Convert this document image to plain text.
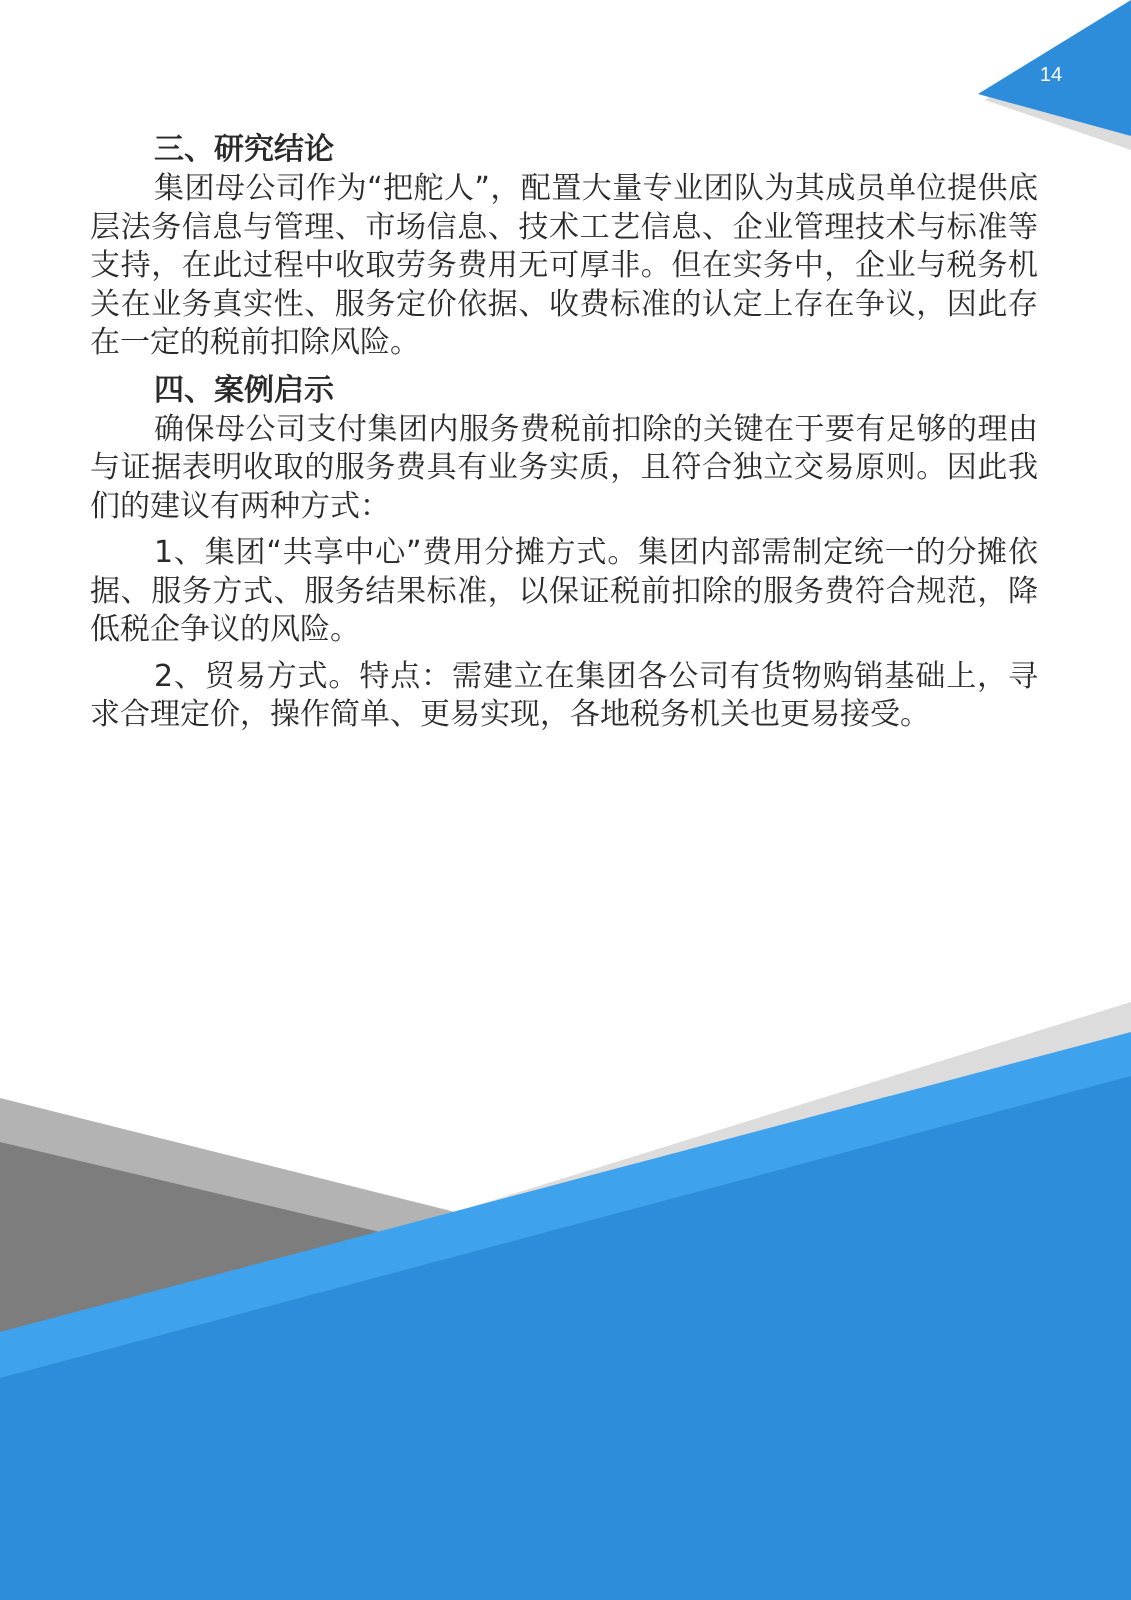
14
三、研究结论

集团母公司作为“把舵人”，配置大量专业团队为其成员单位提供底层法务信息与管理、市场信息、技术工艺信息、企业管理技术与标准等支持，在此过程中收取劳务费用无可厚非。但在实务中，企业与税务机关在业务真实性、服务定价依据、收费标准的认定上存在争议，因此存在一定的税前扣除风险。

四、案例启示

确保母公司支付集团内服务费税前扣除的关键在于要有足够的理由与证据表明收取的服务费具有业务实质，且符合独立交易原则。因此我们的建议有两种方式：

1、集团“共享中心”费用分摊方式。集团内部需制定统一的分摊依据、服务方式、服务结果标准，以保证税前扣除的服务费符合规范，降低税企争议的风险。

2、贸易方式。特点：需建立在集团各公司有货物购销基础上，寻求合理定价，操作简单、更易实现，各地税务机关也更易接受。
